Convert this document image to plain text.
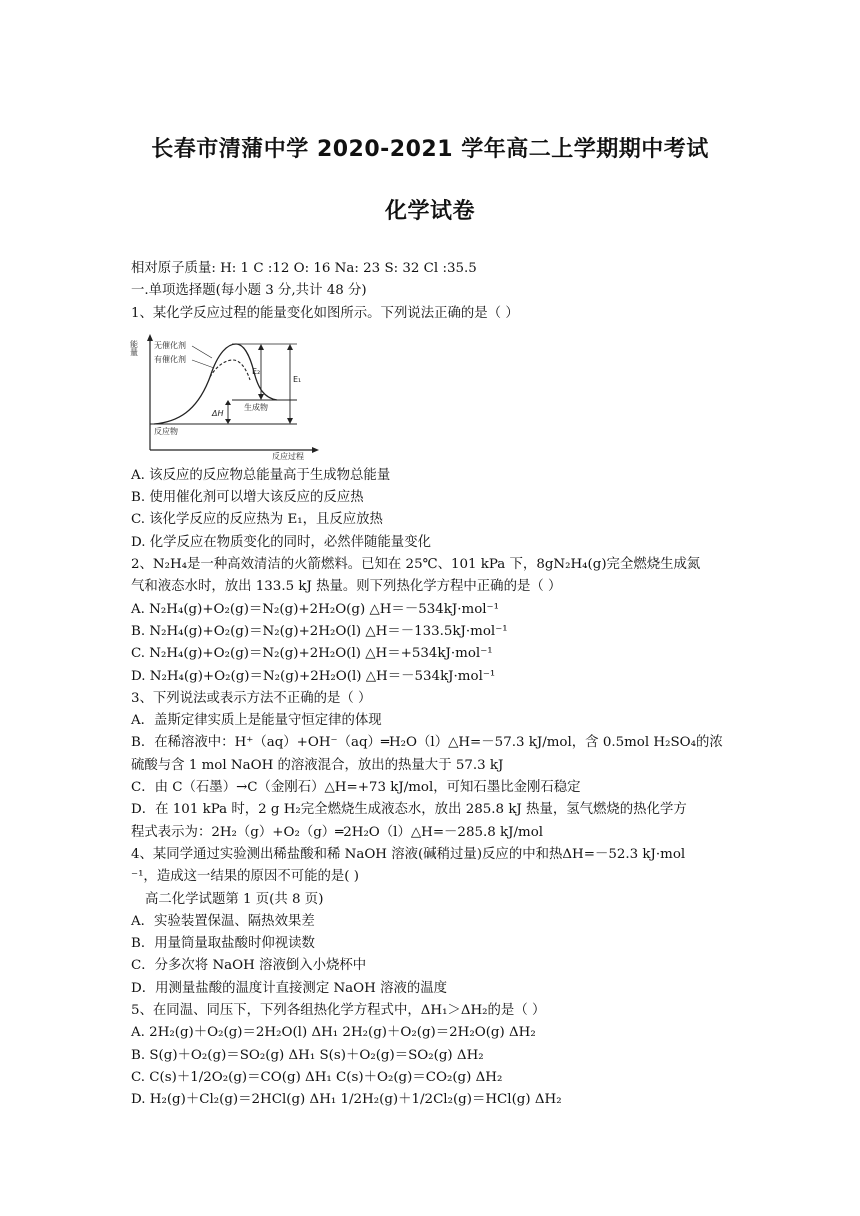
长春市清蒲中学 2020-2021 学年高二上学期期中考试
化学试卷
相对原子质量: H: 1 C :12 O: 16 Na: 23 S: 32 Cl :35.5
一.单项选择题(每小题 3 分,共计 48 分)
1、某化学反应过程的能量变化如图所示。下列说法正确的是（ ）
A. 该反应的反应物总能量高于生成物总能量
B. 使用催化剂可以增大该反应的反应热
C. 该化学反应的反应热为 E₁，且反应放热
D. 化学反应在物质变化的同时，必然伴随能量变化
2、N₂H₄是一种高效清洁的火箭燃料。已知在 25℃、101 kPa 下，8gN₂H₄(g)完全燃烧生成氮
气和液态水时，放出 133.5 kJ 热量。则下列热化学方程中正确的是（ ）
A. N₂H₄(g)+O₂(g)＝N₂(g)+2H₂O(g) △H＝－534kJ·mol⁻¹
B. N₂H₄(g)+O₂(g)＝N₂(g)+2H₂O(l) △H＝－133.5kJ·mol⁻¹
C. N₂H₄(g)+O₂(g)＝N₂(g)+2H₂O(l) △H＝+534kJ·mol⁻¹
D. N₂H₄(g)+O₂(g)＝N₂(g)+2H₂O(l) △H＝－534kJ·mol⁻¹
3、下列说法或表示方法不正确的是（ ）
A．盖斯定律实质上是能量守恒定律的体现
B．在稀溶液中：H⁺（aq）+OH⁻（aq）═H₂O（l）△H=－57.3 kJ/mol，含 0.5mol H₂SO₄的浓
硫酸与含 1 mol NaOH 的溶液混合，放出的热量大于 57.3 kJ
C．由 C（石墨）→C（金刚石）△H=+73 kJ/mol，可知石墨比金刚石稳定
D．在 101 kPa 时，2 g H₂完全燃烧生成液态水，放出 285.8 kJ 热量，氢气燃烧的热化学方
程式表示为：2H₂（g）+O₂（g）═2H₂O（l）△H=－285.8 kJ/mol
4、某同学通过实验测出稀盐酸和稀 NaOH 溶液(碱稍过量)反应的中和热ΔH=－52.3 kJ·mol
⁻¹，造成这一结果的原因不可能的是( )
高二化学试题第 1 页(共 8 页)
A．实验装置保温、隔热效果差
B．用量筒量取盐酸时仰视读数
C．分多次将 NaOH 溶液倒入小烧杯中
D．用测量盐酸的温度计直接测定 NaOH 溶液的温度
5、在同温、同压下，下列各组热化学方程式中，ΔH₁＞ΔH₂的是（ ）
A. 2H₂(g)＋O₂(g)＝2H₂O(l) ΔH₁ 2H₂(g)＋O₂(g)＝2H₂O(g) ΔH₂
B. S(g)＋O₂(g)＝SO₂(g) ΔH₁ S(s)＋O₂(g)＝SO₂(g) ΔH₂
C. C(s)＋1/2O₂(g)＝CO(g) ΔH₁ C(s)＋O₂(g)＝CO₂(g) ΔH₂
D. H₂(g)＋Cl₂(g)＝2HCl(g) ΔH₁ 1/2H₂(g)＋1/2Cl₂(g)＝HCl(g) ΔH₂
能量
反应过程
反应物
生成物
无催化剂
有催化剂
E₂
E₁
ΔH
